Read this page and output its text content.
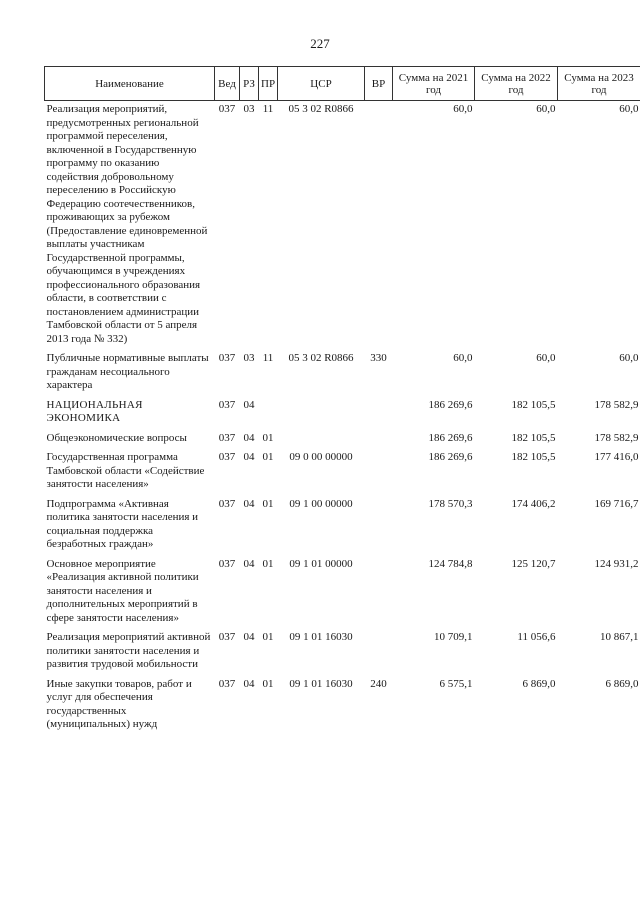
227
Наименование	Вед	РЗ	ПР	ЦСР	ВР	Сумма на 2021 год	Сумма на 2022 год	Сумма на 2023 год
Реализация мероприятий, предусмотренных региональной программой переселения, включенной в Государственную программу по оказанию содействия добровольному переселению в Российскую Федерацию соотечественников, проживающих за рубежом (Предоставление единовременной выплаты участникам Государственной программы, обучающимся в учреждениях профессионального образования области, в соответствии с постановлением администрации Тамбовской области от 5 апреля 2013 года № 332)	037	03	11	05 3 02 R0866		60,0	60,0	60,0
Публичные нормативные выплаты гражданам несоциального характера	037	03	11	05 3 02 R0866	330	60,0	60,0	60,0
НАЦИОНАЛЬНАЯ ЭКОНОМИКА	037	04				186 269,6	182 105,5	178 582,9
Общеэкономические вопросы	037	04	01			186 269,6	182 105,5	178 582,9
Государственная программа Тамбовской области «Содействие занятости населения»	037	04	01	09 0 00 00000		186 269,6	182 105,5	177 416,0
Подпрограмма «Активная политика занятости населения и социальная поддержка безработных граждан»	037	04	01	09 1 00 00000		178 570,3	174 406,2	169 716,7
Основное мероприятие «Реализация активной политики занятости населения и дополнительных мероприятий в сфере занятости населения»	037	04	01	09 1 01 00000		124 784,8	125 120,7	124 931,2
Реализация мероприятий активной политики занятости населения и развития трудовой мобильности	037	04	01	09 1 01 16030		10 709,1	11 056,6	10 867,1
Иные закупки товаров, работ и услуг для обеспечения государственных (муниципальных) нужд	037	04	01	09 1 01 16030	240	6 575,1	6 869,0	6 869,0
